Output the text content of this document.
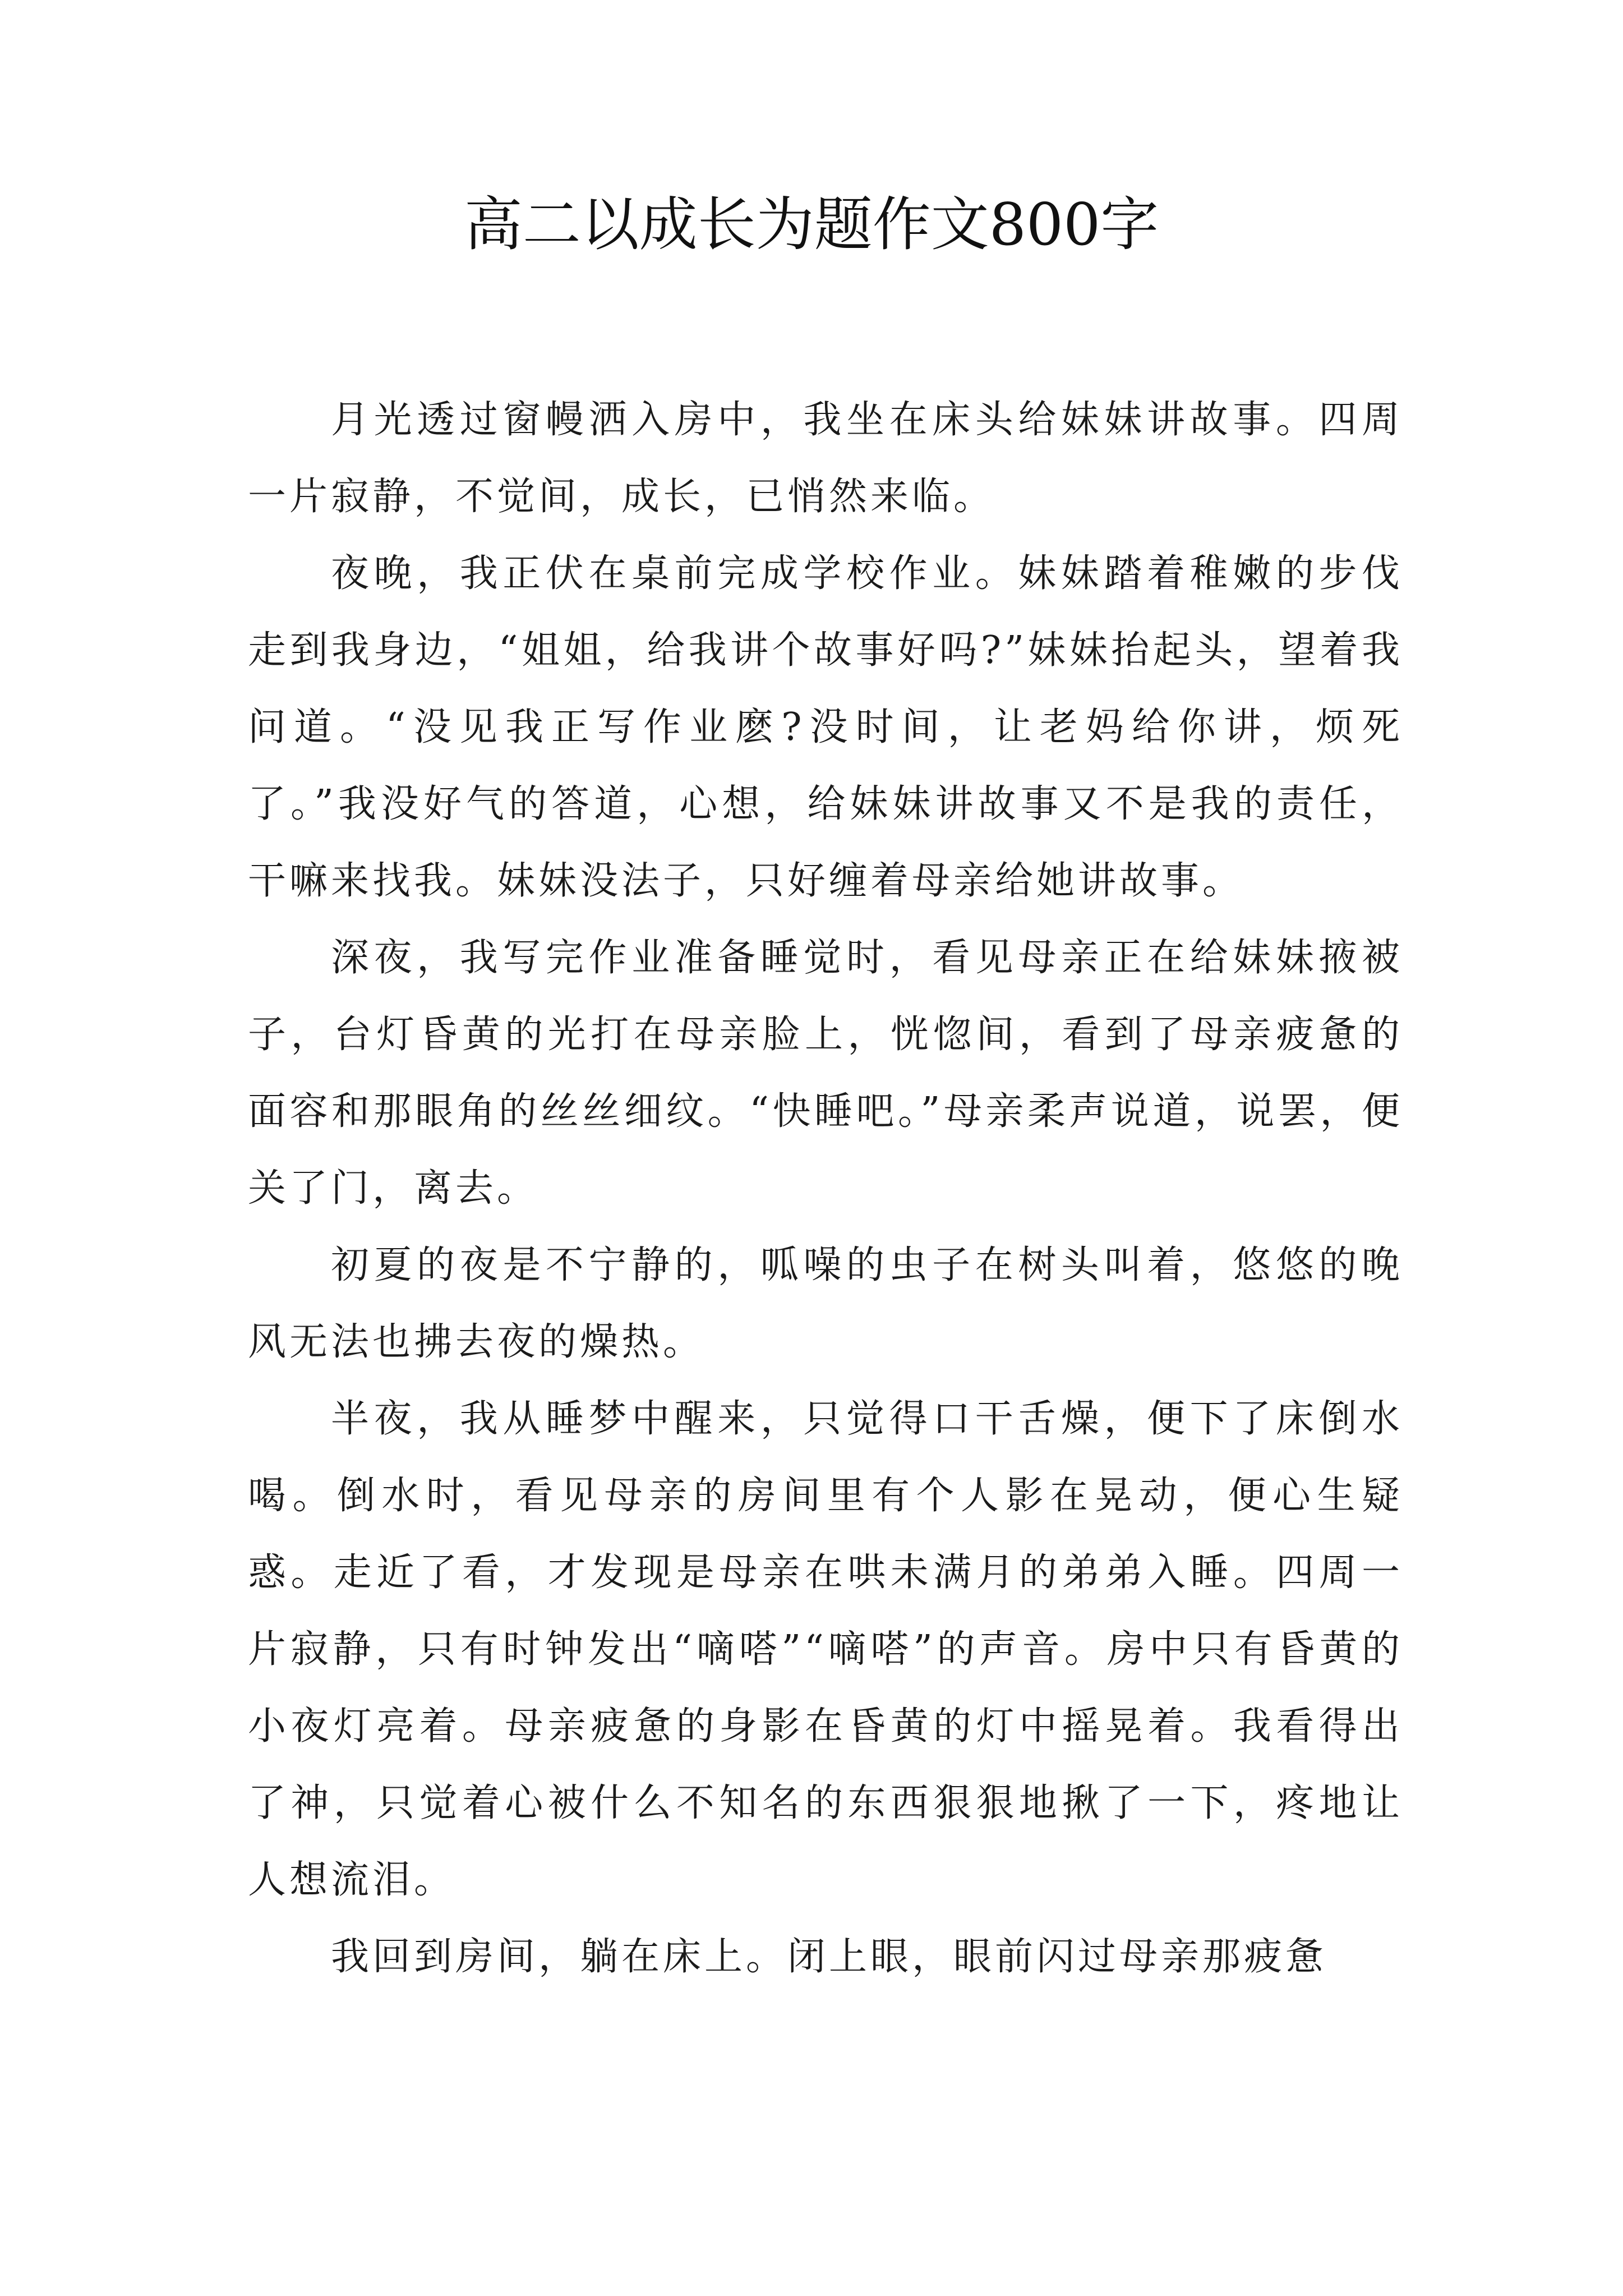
高二以成长为题作文800字

月光透过窗幔洒入房中，我坐在床头给妹妹讲故事。四周一片寂静，不觉间，成长，已悄然来临。

夜晚，我正伏在桌前完成学校作业。妹妹踏着稚嫩的步伐走到我身边，“姐姐，给我讲个故事好吗?”妹妹抬起头，望着我问道。“没见我正写作业麽?没时间，让老妈给你讲，烦死了。”我没好气的答道，心想，给妹妹讲故事又不是我的责任，干嘛来找我。妹妹没法子，只好缠着母亲给她讲故事。

深夜，我写完作业准备睡觉时，看见母亲正在给妹妹掖被子，台灯昏黄的光打在母亲脸上，恍惚间，看到了母亲疲惫的面容和那眼角的丝丝细纹。“快睡吧。”母亲柔声说道，说罢，便关了门，离去。

初夏的夜是不宁静的，呱噪的虫子在树头叫着，悠悠的晚风无法也拂去夜的燥热。

半夜，我从睡梦中醒来，只觉得口干舌燥，便下了床倒水喝。倒水时，看见母亲的房间里有个人影在晃动，便心生疑惑。走近了看，才发现是母亲在哄未满月的弟弟入睡。四周一片寂静，只有时钟发出“嘀嗒”“嘀嗒”的声音。房中只有昏黄的小夜灯亮着。母亲疲惫的身影在昏黄的灯中摇晃着。我看得出了神，只觉着心被什么不知名的东西狠狠地揪了一下，疼地让人想流泪。

我回到房间，躺在床上。闭上眼，眼前闪过母亲那疲惫
